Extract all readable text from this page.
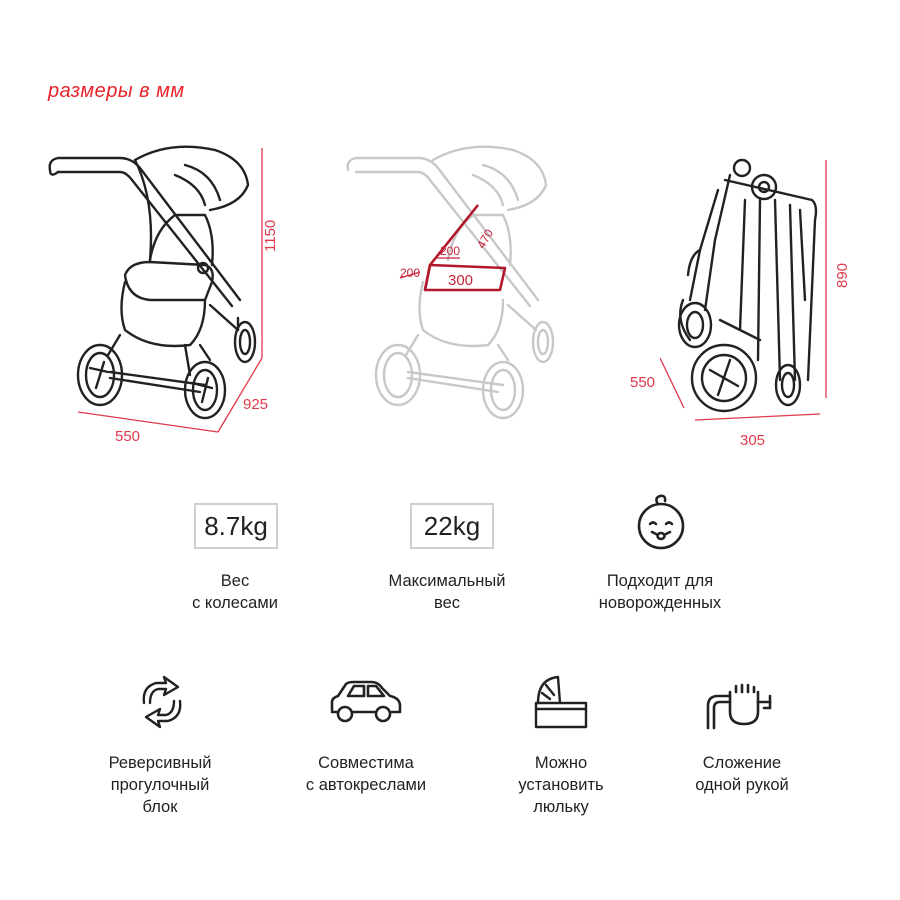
размеры в мм
1150
925
550
470
200
200 300	890
550
305
8.7kg
Вес
с колесами
22kg
Максимальный
вес
Подходит для
новорожденных
Реверсивный
прогулочный
блок
Совместима
с автокреслами
Можно
установить
люльку
Сложение
одной рукой
